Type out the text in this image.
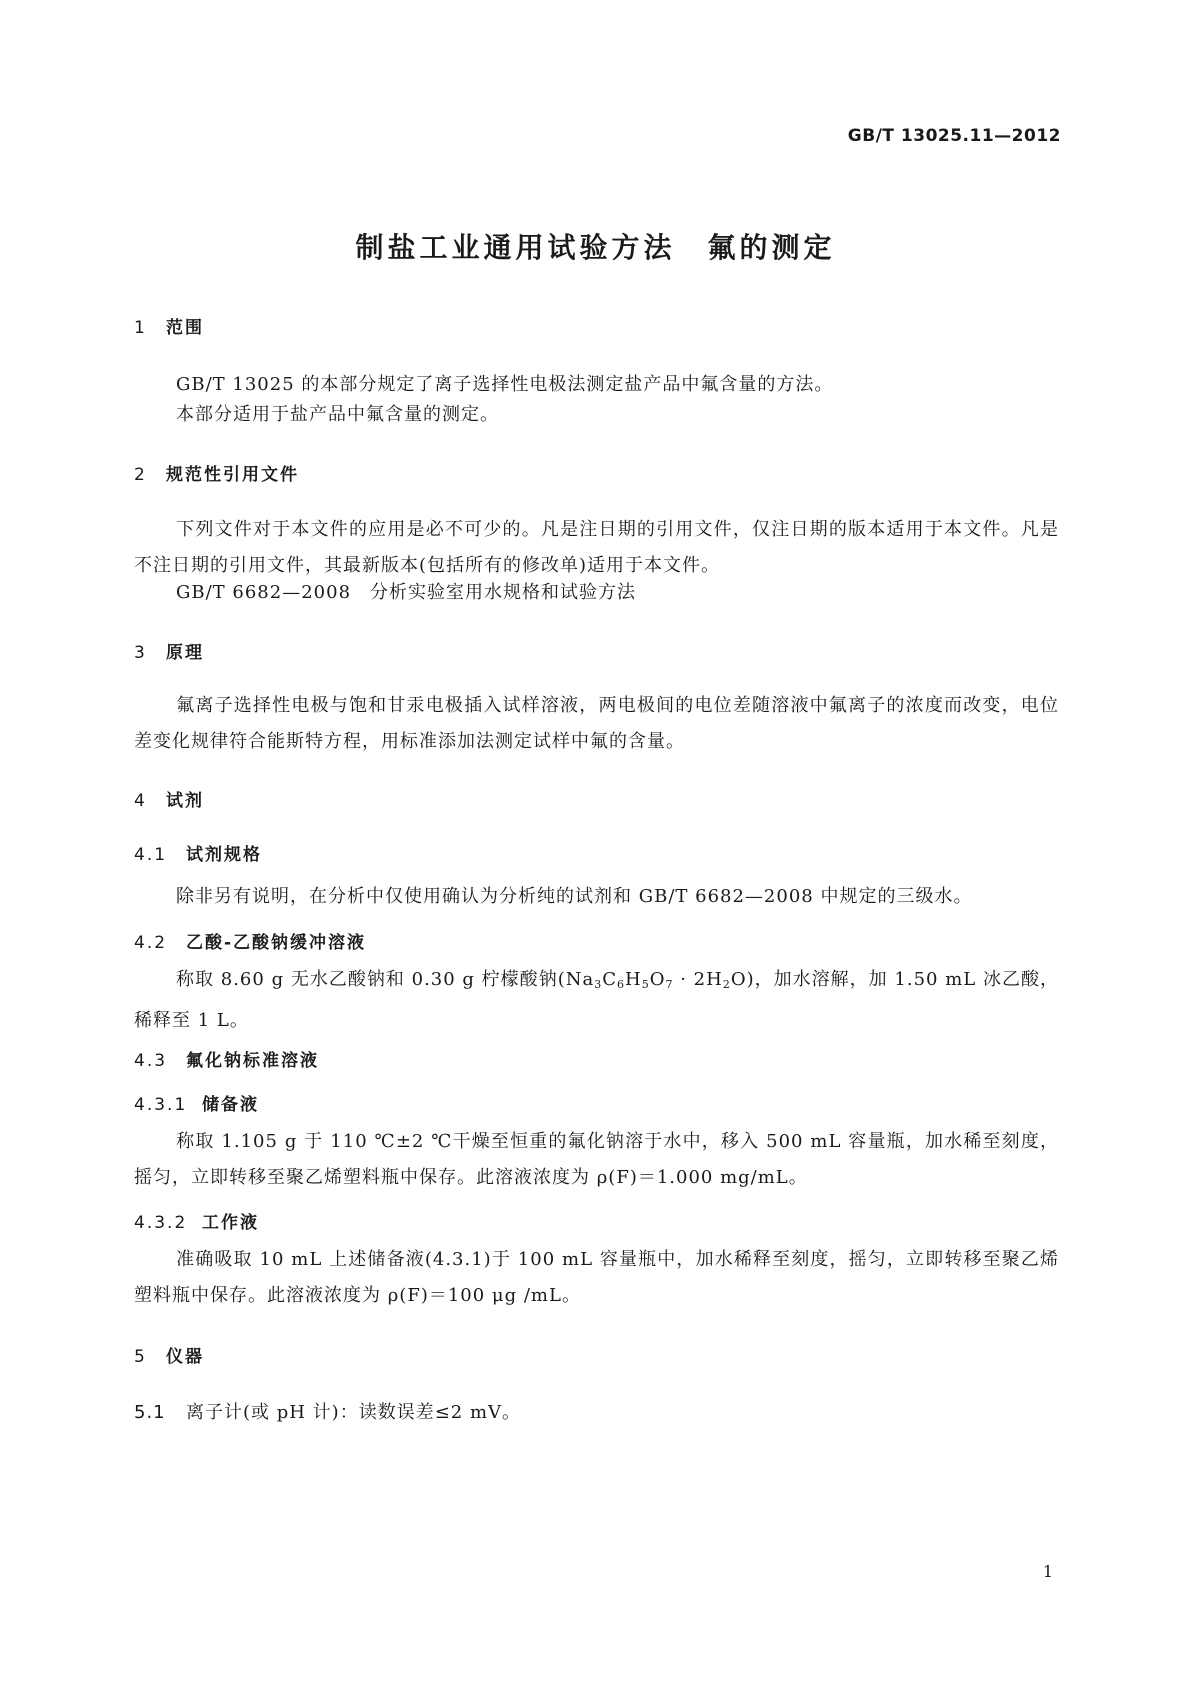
GB/T 13025.11—2012
制盐工业通用试验方法　氟的测定
1 范围
GB/T 13025 的本部分规定了离子选择性电极法测定盐产品中氟含量的方法。
本部分适用于盐产品中氟含量的测定。
2 规范性引用文件
下列文件对于本文件的应用是必不可少的。凡是注日期的引用文件，仅注日期的版本适用于本文件。凡是不注日期的引用文件，其最新版本(包括所有的修改单)适用于本文件。
GB/T 6682—2008　分析实验室用水规格和试验方法
3 原理
氟离子选择性电极与饱和甘汞电极插入试样溶液，两电极间的电位差随溶液中氟离子的浓度而改变，电位差变化规律符合能斯特方程，用标准添加法测定试样中氟的含量。
4 试剂
4.1 试剂规格
除非另有说明，在分析中仅使用确认为分析纯的试剂和 GB/T 6682—2008 中规定的三级水。
4.2 乙酸-乙酸钠缓冲溶液
称取 8.60 g 无水乙酸钠和 0.30 g 柠檬酸钠$(Na_3C_6H_5O_7 \cdot 2H_2O)$，加水溶解，加 1.50 mL 冰乙酸，稀释至 1 L。
4.3 氟化钠标准溶液
4.3.1 储备液
称取 1.105 g 于 110 ℃±2 ℃干燥至恒重的氟化钠溶于水中，移入 500 mL 容量瓶，加水稀至刻度，摇匀，立即转移至聚乙烯塑料瓶中保存。此溶液浓度为 ρ(F)＝1.000 mg/mL。
4.3.2 工作液
准确吸取 10 mL 上述储备液(4.3.1)于 100 mL 容量瓶中，加水稀释至刻度，摇匀，立即转移至聚乙烯塑料瓶中保存。此溶液浓度为 ρ(F)＝100 μg /mL。
5 仪器
5.1 离子计(或 pH 计)：读数误差≤2 mV。
1
